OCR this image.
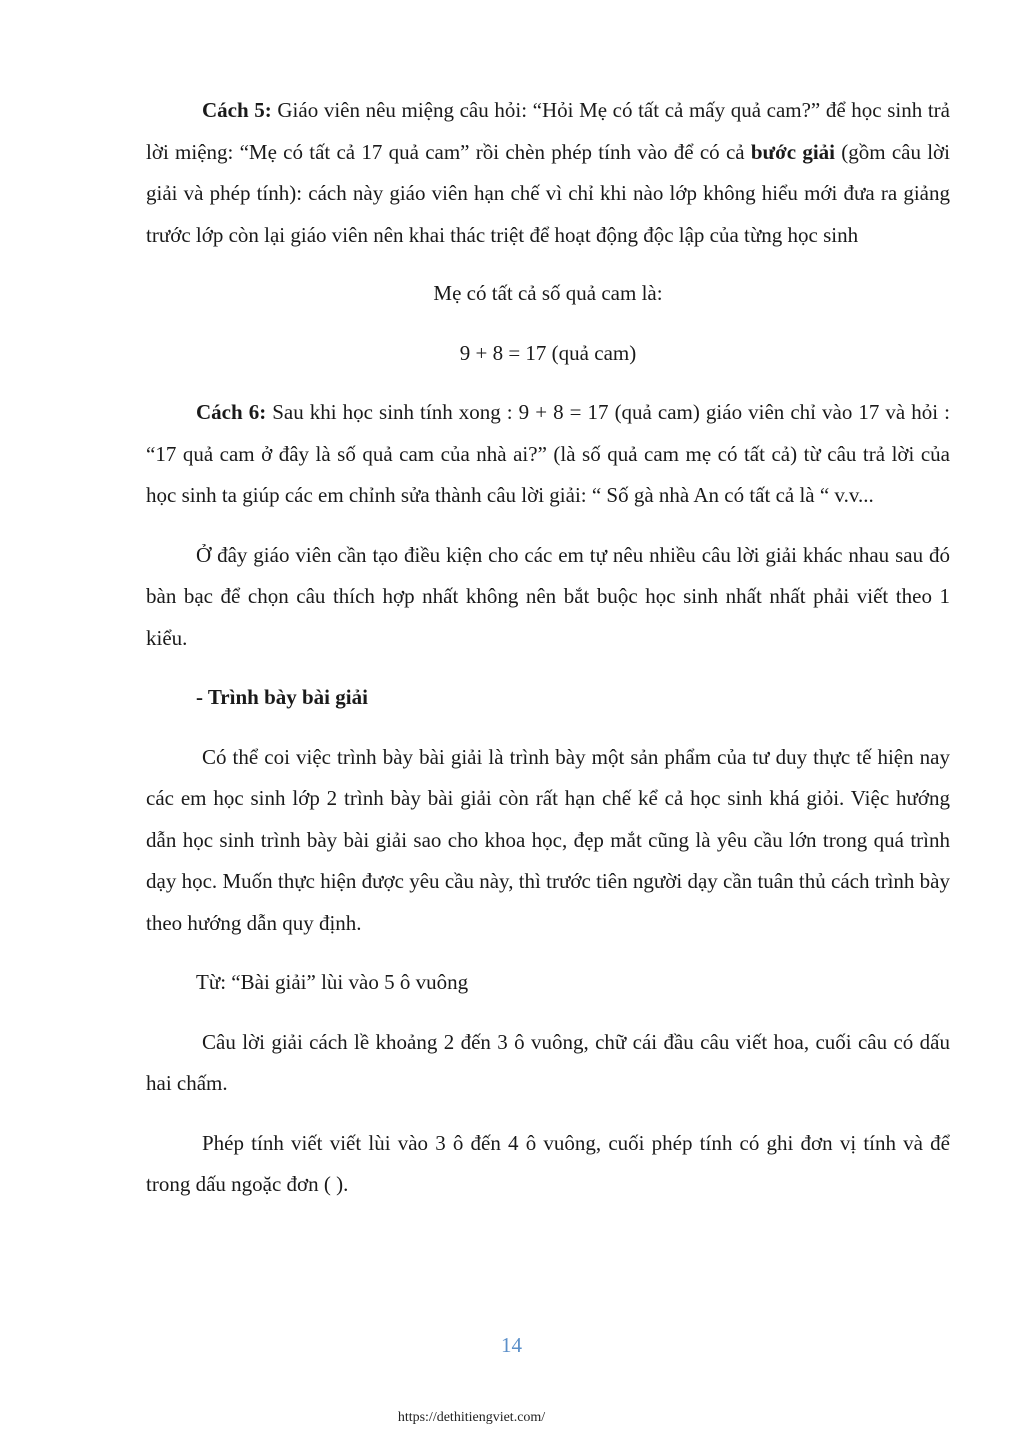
Cách 5: Giáo viên nêu miệng câu hỏi: “Hỏi Mẹ có tất cả mấy quả cam?” để học sinh trả lời miệng: “Mẹ có tất cả 17 quả cam” rồi chèn phép tính vào để có cả bước giải (gồm câu lời giải và phép tính): cách này giáo viên hạn chế vì chỉ khi nào lớp không hiểu mới đưa ra giảng trước lớp còn lại giáo viên nên khai thác triệt để hoạt động độc lập của từng học sinh

Mẹ có tất cả số quả cam là:

9 + 8 = 17 (quả cam)

Cách 6: Sau khi học sinh tính xong : 9 + 8 = 17 (quả cam) giáo viên chỉ vào 17 và hỏi : “17 quả cam ở đây là số quả cam của nhà ai?” (là số quả cam mẹ có tất cả) từ câu trả lời của học sinh ta giúp các em chỉnh sửa thành câu lời giải: “ Số gà nhà An có tất cả là “ v.v...

Ở đây giáo viên cần tạo điều kiện cho các em tự nêu nhiều câu lời giải khác nhau sau đó bàn bạc để chọn câu thích hợp nhất không nên bắt buộc học sinh nhất nhất phải viết theo 1 kiểu.

- Trình bày bài giải

Có thể coi việc trình bày bài giải là trình bày một sản phẩm của tư duy thực tế hiện nay các em học sinh lớp 2 trình bày bài giải còn rất hạn chế kể cả học sinh khá giỏi. Việc hướng dẫn học sinh trình bày bài giải sao cho khoa học, đẹp mắt cũng là yêu cầu lớn trong quá trình dạy học. Muốn thực hiện được yêu cầu này, thì trước tiên người dạy cần tuân thủ cách trình bày theo hướng dẫn quy định.

Từ: “Bài giải” lùi vào 5 ô vuông

Câu lời giải cách lề khoảng 2 đến 3 ô vuông, chữ cái đầu câu viết hoa, cuối câu có dấu hai chấm.

Phép tính viết viết lùi vào 3 ô đến 4 ô vuông, cuối phép tính có ghi đơn vị tính và để trong dấu ngoặc đơn ( ).

14
https://dethitiengviet.com/
